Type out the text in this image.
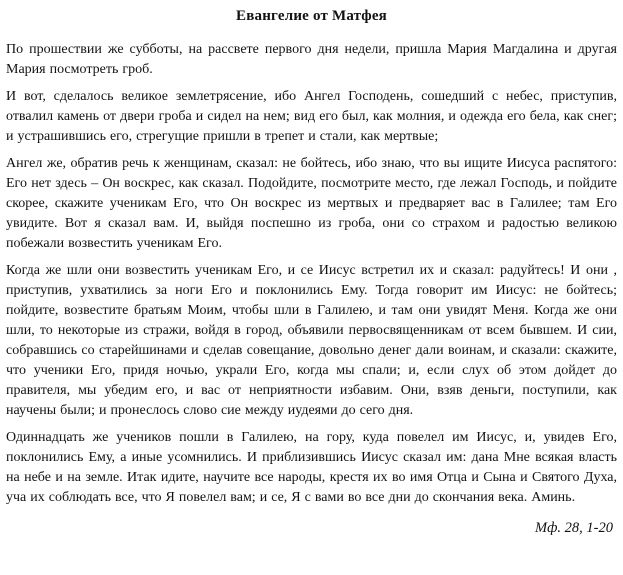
Евангелие от Матфея

По прошествии же субботы, на рассвете первого дня недели, пришла Мария Магдалина и другая Мария посмотреть гроб.

И вот, сделалось великое землетрясение, ибо Ангел Господень, сошедший с небес, приступив, отвалил камень от двери гроба и сидел на нем; вид его был, как молния, и одежда его бела, как снег; и устрашившись его, стрегущие пришли в трепет и стали, как мертвые;

Ангел же, обратив речь к женщинам, сказал: не бойтесь, ибо знаю, что вы ищите Иисуса распятого: Его нет здесь – Он воскрес, как сказал. Подойдите, посмотрите место, где лежал Господь, и пойдите скорее, скажите ученикам Его, что Он воскрес из мертвых и предваряет вас в Галилее; там Его увидите. Вот я сказал вам. И, выйдя поспешно из гроба, они со страхом и радостью великою побежали возвестить ученикам Его.

Когда же шли они возвестить ученикам Его, и се Иисус встретил их и сказал: радуйтесь! И они , приступив, ухватились за ноги Его и поклонились Ему. Тогда говорит им Иисус: не бойтесь; пойдите, возвестите братьям Моим, чтобы шли в Галилею, и там они увидят Меня. Когда же они шли, то некоторые из стражи, войдя в город, объявили первосвященникам от всем бывшем. И сии, собравшись со старейшинами и сделав совещание, довольно денег дали воинам, и сказали: скажите, что ученики Его, придя ночью, украли Его, когда мы спали; и, если слух об этом дойдет до правителя, мы убедим его, и вас от неприятности избавим. Они, взяв деньги, поступили, как научены были; и пронеслось слово сие между иудеями до сего дня.

Одиннадцать же учеников пошли в Галилею, на гору, куда повелел им Иисус, и, увидев Его, поклонились Ему, а иные усомнились. И приблизившись Иисус сказал им: дана Мне всякая власть на небе и на земле. Итак идите, научите все народы, крестя их во имя Отца и Сына и Святого Духа, уча их соблюдать все, что Я повелел вам; и се, Я с вами во все дни до скончания века. Аминь.

Мф. 28, 1-20
